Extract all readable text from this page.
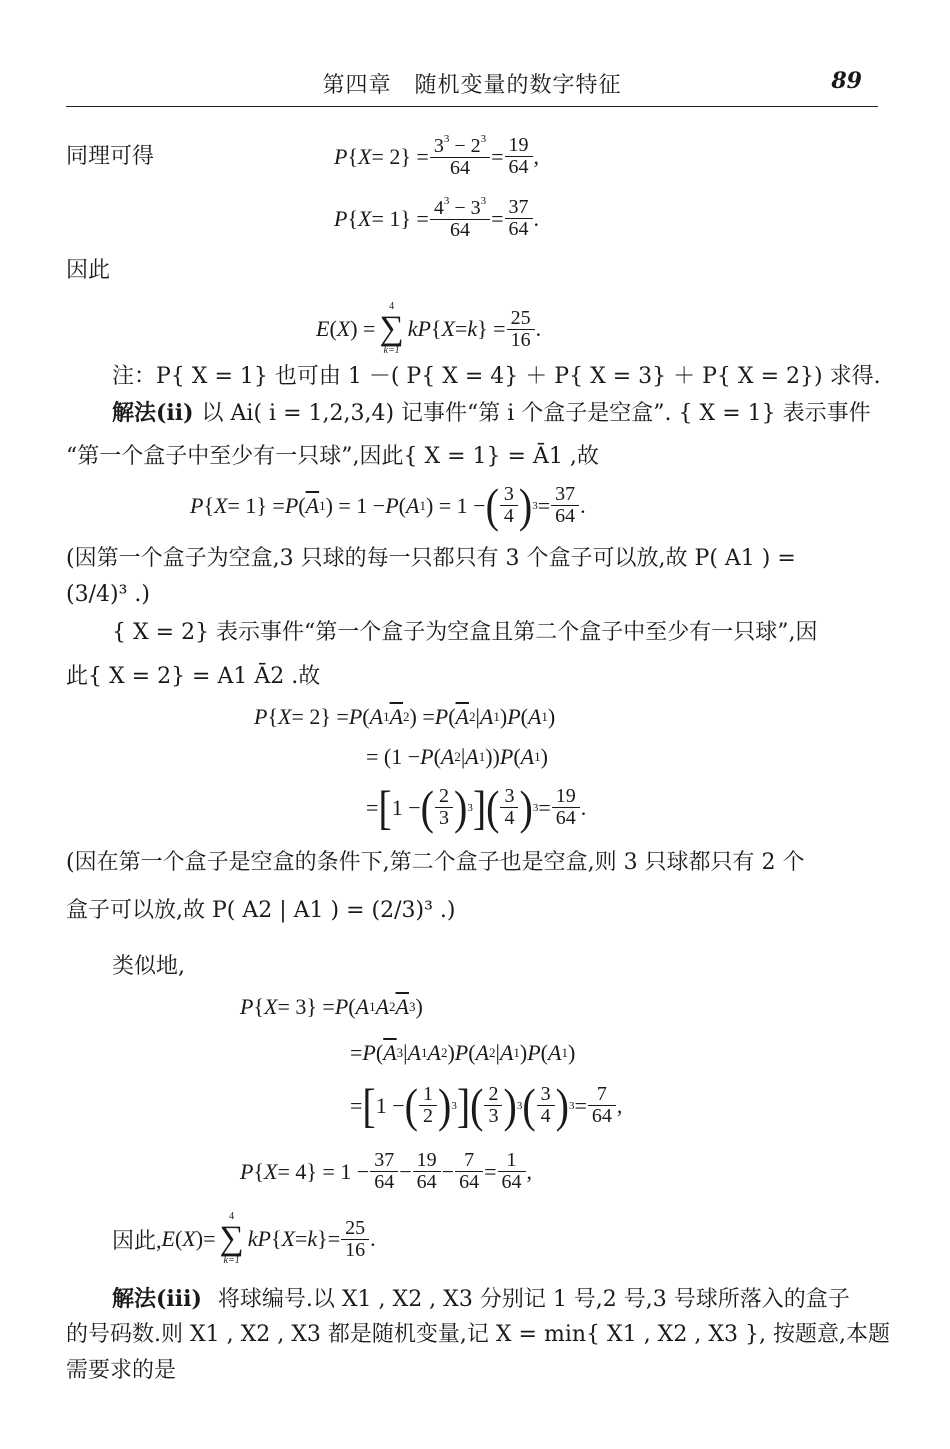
第四章　随机变量的数字特征	89
同理可得	P { $X = 2\} = \frac{3^3 - 2^3}{64} = \frac{19}{64}$ ,
P { $X = 1\} = \frac{4^3 - 3^3}{64} = \frac{37}{64}$ .
因此
E ( X ) =
4
∑
k=1
kP { X = k } = $\frac{25}{16}$ .
注：P{ X = 1} 也可由 1 －( P{ X = 4} ＋ P{ X = 3} ＋ P{ X = 2}) 求得.
解法(ii) 以 Ai( i = 1,2,3,4) 记事件“第 i 个盒子是空盒”. { X = 1} 表示事件
“第一个盒子中至少有一只球”,因此{ X = 1} = Ā1 ,故
P { X = 1} = P ( $\overline{A}$ 1 ) = 1 − P ( A 1 ) = 1 − ( $\frac{3}{4}$ ) $3 = \frac{37}{64}$ .
(因第一个盒子为空盒,3 只球的每一只都只有 3 个盒子可以放,故 P( A1 ) =
(3/4)³ .)
{ X = 2} 表示事件“第一个盒子为空盒且第二个盒子中至少有一只球”,因
此{ X = 2} = A1 Ā2 .故
P { X = 2} = P ( A 1 $\overline{A}$ 2 ) = P ( $\overline{A}$ 2 | A 1 ) P ( A 1 )
= (1 − P ( A 2 | A 1 )) P ( A 1 )
= [ 1 − ( $\frac{2}{3}$ ) 3 ] ( $\frac{3}{4}$ ) $3 = \frac{19}{64}$ .
(因在第一个盒子是空盒的条件下,第二个盒子也是空盒,则 3 只球都只有 2 个
盒子可以放,故 P( A2 | A1 ) = (2/3)³ .)
类似地,
P { X = 3} = P ( A 1 A 2 $\overline{A}$ 3 )
= P ( $\overline{A}$ 3 | A 1 A 2 ) P ( A 2 | A 1 ) P ( A 1 )
= [ 1 − ( $\frac{1}{2}$ ) 3 ] ( $\frac{2}{3}$ ) 3 ( $\frac{3}{4}$ ) $3 = \frac{7}{64}$ ,
P { $X = 4\} = 1 - \frac{37}{64} - \frac{19}{64} - \frac{7}{64} = \frac{1}{64}$ ,
因此, E ( X )=
4
∑
k=1
kP { X = k }= $\frac{25}{16}$ .
解法(iii) 将球编号.以 X1 , X2 , X3 分别记 1 号,2 号,3 号球所落入的盒子
的号码数.则 X1 , X2 , X3 都是随机变量,记 X = min{ X1 , X2 , X3 }, 按题意,本题
需要求的是
